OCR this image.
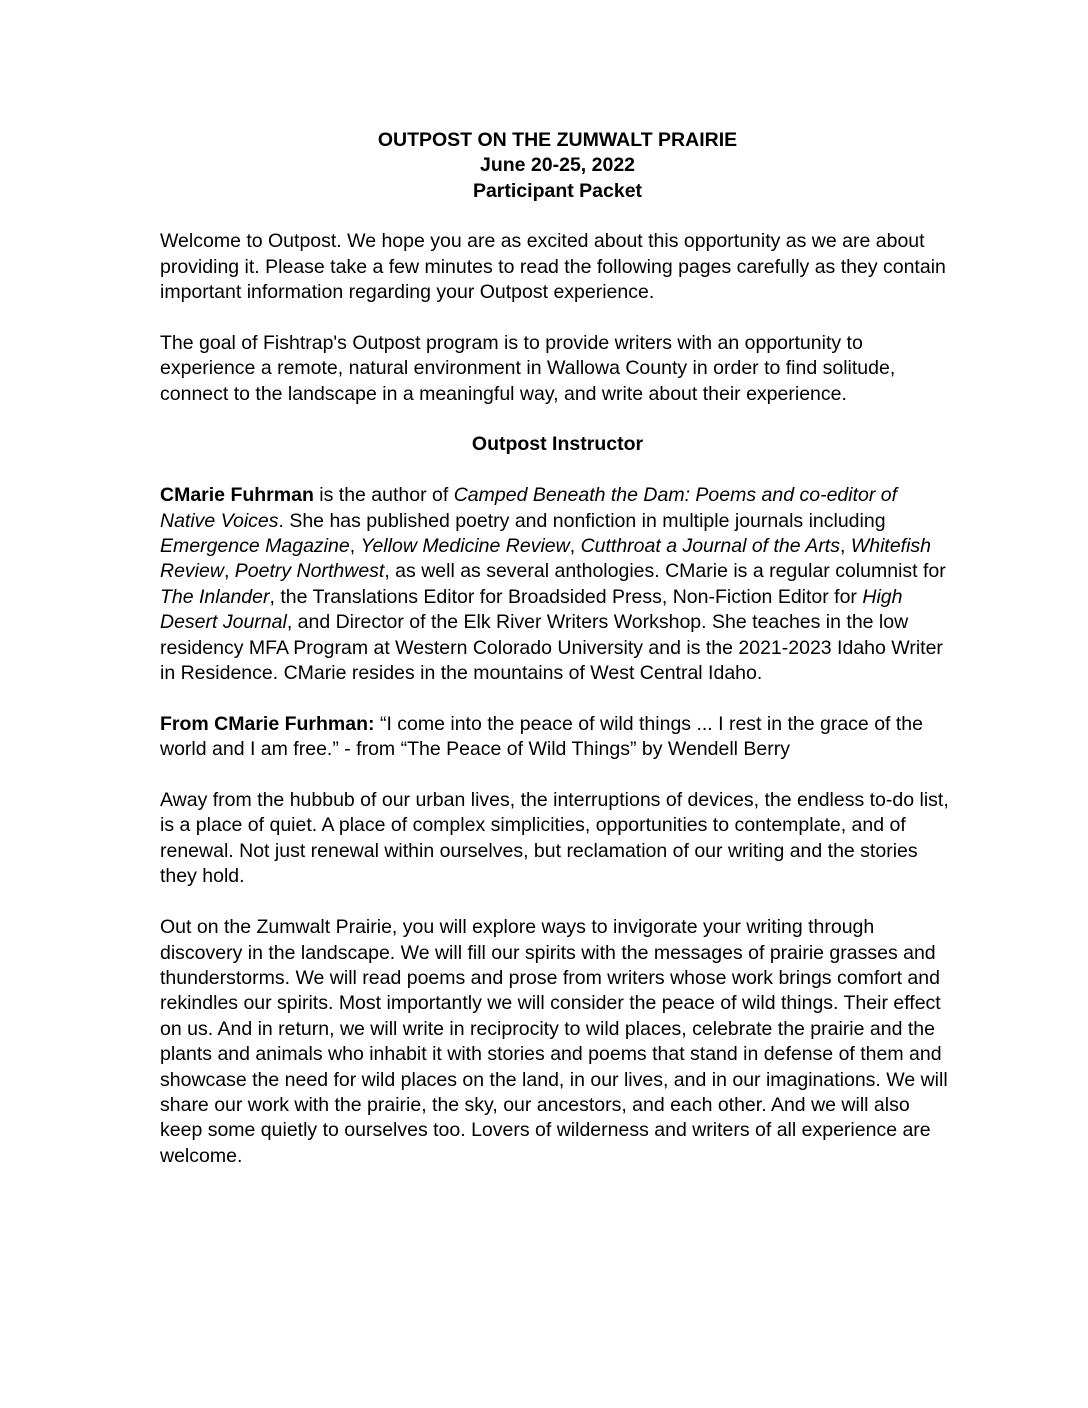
OUTPOST ON THE ZUMWALT PRAIRIE
June 20-25, 2022
Participant Packet

Welcome to Outpost. We hope you are as excited about this opportunity as we are about providing it. Please take a few minutes to read the following pages carefully as they contain important information regarding your Outpost experience.

The goal of Fishtrap's Outpost program is to provide writers with an opportunity to experience a remote, natural environment in Wallowa County in order to find solitude, connect to the landscape in a meaningful way, and write about their experience.

Outpost Instructor

CMarie Fuhrman is the author of Camped Beneath the Dam: Poems and co-editor of Native Voices. She has published poetry and nonfiction in multiple journals including Emergence Magazine, Yellow Medicine Review, Cutthroat a Journal of the Arts, Whitefish Review, Poetry Northwest, as well as several anthologies. CMarie is a regular columnist for The Inlander, the Translations Editor for Broadsided Press, Non-Fiction Editor for High Desert Journal, and Director of the Elk River Writers Workshop. She teaches in the low residency MFA Program at Western Colorado University and is the 2021-2023 Idaho Writer in Residence. CMarie resides in the mountains of West Central Idaho.

From CMarie Furhman: “I come into the peace of wild things ... I rest in the grace of the world and I am free.” - from “The Peace of Wild Things” by Wendell Berry

Away from the hubbub of our urban lives, the interruptions of devices, the endless to-do list, is a place of quiet. A place of complex simplicities, opportunities to contemplate, and of renewal. Not just renewal within ourselves, but reclamation of our writing and the stories they hold.

Out on the Zumwalt Prairie, you will explore ways to invigorate your writing through discovery in the landscape. We will fill our spirits with the messages of prairie grasses and thunderstorms. We will read poems and prose from writers whose work brings comfort and rekindles our spirits. Most importantly we will consider the peace of wild things. Their effect on us. And in return, we will write in reciprocity to wild places, celebrate the prairie and the plants and animals who inhabit it with stories and poems that stand in defense of them and showcase the need for wild places on the land, in our lives, and in our imaginations. We will share our work with the prairie, the sky, our ancestors, and each other. And we will also keep some quietly to ourselves too. Lovers of wilderness and writers of all experience are welcome.
